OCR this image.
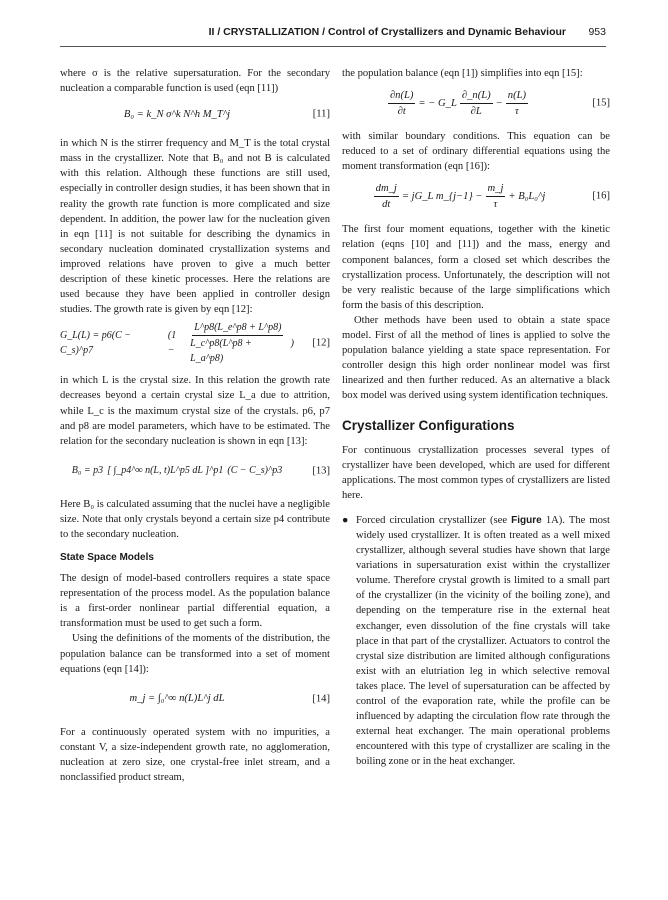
II / CRYSTALLIZATION / Control of Crystallizers and Dynamic Behaviour 953

where σ is the relative supersaturation. For the secondary nucleation a comparable function is used (eqn [11])

B₀ = k_N σ^k N^h M_T^j	[11]

in which N is the stirrer frequency and M_T is the total crystal mass in the crystallizer. Note that B₀ and not B is calculated with this relation. Although these functions are still used, especially in controller design studies, it has been shown that in reality the growth rate function is more complicated and size dependent. In addition, the power law for the nucleation given in eqn [11] is not suitable for describing the dynamics in secondary nucleation dominated crystallization systems and improved relations have proven to give a much better description of these kinetic processes. Here the relations are used because they have been applied in controller design studies. The growth rate is given by eqn [12]:

G_L(L) = p6(C − C_s)^p7
(1 −	$\frac{L\^{}p8(L\_e\^{}p8 + L\^{}p8)}{L\_c\^{}p8(L\^{}p8 + L\_a\^{}p8)}$ ) [12]

in which L is the crystal size. In this relation the growth rate decreases beyond a certain crystal size L_a due to attrition, while L_c is the maximum crystal size of the crystals. p6, p7 and p8 are model parameters, which have to be estimated. The relation for the secondary nucleation is shown in eqn [13]:

B₀ = p3 [ ∫_p4^∞ n(L, t)L^p5 dL ]^p1 (C − C_s)^p3	[13]

Here B₀ is calculated assuming that the nuclei have a negligible size. Note that only crystals beyond a certain size p4 contribute to the secondary nucleation.

State Space Models

The design of model-based controllers requires a state space representation of the process model. As the population balance is a first-order nonlinear partial differential equation, a transformation must be used to get such a form.

Using the definitions of the moments of the distribution, the population balance can be transformed into a set of moment equations (eqn [14]):

m_j = ∫₀^∞ n(L)L^j dL	[14]

For a continuously operated system with no impurities, a constant V, a size-independent growth rate, no agglomeration, nucleation at zero size, one crystal-free inlet stream, and a nonclassified product stream,

the population balance (eqn [1]) simplifies into eqn [15]:

$\frac{\partial n(L)}{\partial t}$ = − G_L $\frac{\partial\_n(L)}{\partial L} - \frac{n(L)}{\tau}$	[15]

with similar boundary conditions. This equation can be reduced to a set of ordinary differential equations using the moment transformation (eqn [16]):

$\frac{dm\_j}{dt}$ = jG_L m_{j−1} − $\frac{m\_j}{\tau}$ + B₀L₀^j	[16]

The first four moment equations, together with the kinetic relation (eqns [10] and [11]) and the mass, energy and component balances, form a closed set which describes the crystallization process. Unfortunately, the description will not be very realistic because of the large simplifications which form the basis of this description.

Other methods have been used to obtain a state space model. First of all the method of lines is applied to solve the population balance yielding a state space representation. For controller design this high order nonlinear model was first linearized and then further reduced. As an alternative a black box model was derived using system identification techniques.

Crystallizer Configurations

For continuous crystallization processes several types of crystallizer have been developed, which are used for different applications. The most common types of crystallizers are listed here.

● Forced circulation crystallizer (see Figure 1A). The most widely used crystallizer. It is often treated as a well mixed crystallizer, although several studies have shown that large variations in supersaturation exist within the crystallizer volume. Therefore crystal growth is limited to a small part of the crystallizer (in the vicinity of the boiling zone), and depending on the temperature rise in the external heat exchanger, even dissolution of the fine crystals will take place in that part of the crystallizer. Actuators to control the crystal size distribution are limited although configurations exist with an elutriation leg in which selective removal takes place. The level of supersaturation can be affected by control of the evaporation rate, while the profile can be influenced by adapting the circulation flow rate through the external heat exchanger. The main operational problems encountered with this type of crystallizer are scaling in the boiling zone or in the heat exchanger.
